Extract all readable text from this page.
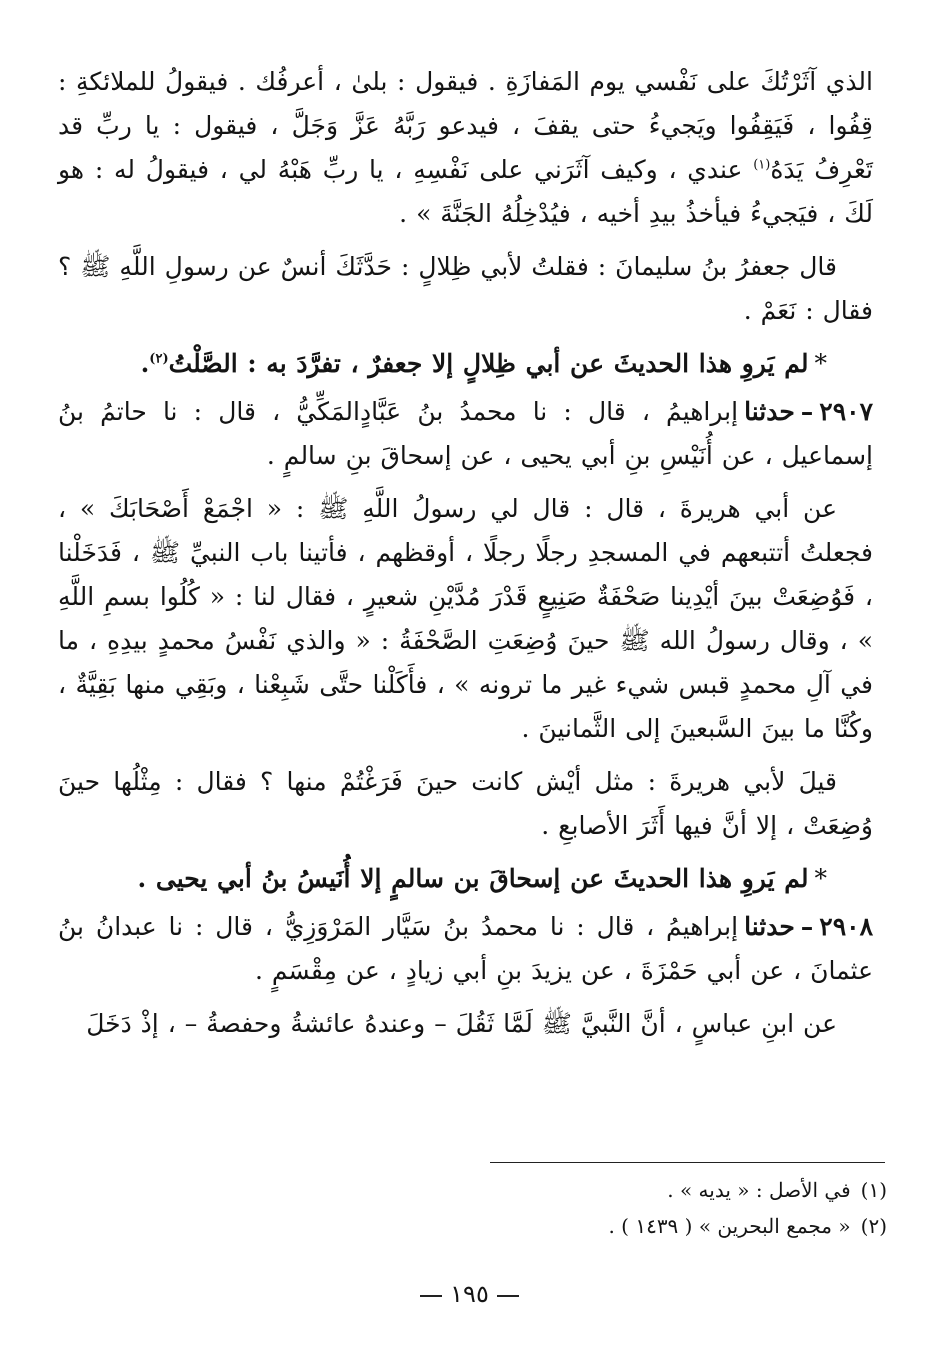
الذي آثَرْتُكَ على نَفْسي يوم المَفازَةِ . فيقول : بلىٰ ، أعرفُك . فيقولُ للملائكةِ : قِفُوا ، فَيَقِفُوا ويَجيءُ حتى يقفَ ، فيدعو رَبَّهُ عَزَّ وَجَلَّ ، فيقول : يا ربِّ قد تَعْرِفُ يَدَهُ$^{(١)}$ عندي ، وكيف آثَرَني على نَفْسِهِ ، يا ربِّ هَبْهُ لي ، فيقولُ له : هو لَكَ ، فيَجيءُ فيأخذُ بيدِ أخيه ، فيُدْخِلُهُ الجَنَّةَ » .

قال جعفرُ بنُ سليمانَ : فقلتُ لأبي ظِلالٍ : حَدَّثَكَ أنسٌ عن رسولِ اللَّهِ ﷺ ؟ فقال : نَعَمْ .

*لم يَروِ هذا الحديثَ عن أبي ظِلالٍ إلا جعفرٌ ، تفرَّدَ به : الصَّلْتُ$^{(٢)}$.

٢٩٠٧–حدثناإبراهيمُ ، قال : نا محمدُ بنُ عَبَّادٍالمَكِّيُّ ، قال : نا حاتمُ بنُ إسماعيل ، عن أُنَيْسِ بنِ أبي يحيى ، عن إسحاقَ بنِ سالمٍ .

عن أبي هريرةَ ، قال : قال لي رسولُ اللَّهِ ﷺ : « اجْمَعْ أَصْحَابَكَ » ، فجعلتُ أتتبعهم في المسجدِ رجلًا رجلًا ، أوقظهم ، فأتينا باب النبيِّ ﷺ ، فَدَخَلْنا ، فَوُضِعَتْ بينَ أيْدِينا صَحْفَةٌ صَنِيعٍ قَدْرَ مُدَّيْنِ شعيرٍ ، فقال لنا : « كُلُوا بسمِ اللَّهِ » ، وقال رسولُ الله ﷺ حينَ وُضِعَتِ الصَّحْفَةُ : « والذي نَفْسُ محمدٍ بيدِهِ ، ما في آلِ محمدٍ قبس شيء غير ما ترونه » ، فأَكَلْنا حتَّى شَبِعْنا ، وبَقِي منها بَقِيَّةٌ ، وكُنَّا ما بينَ السَّبعينَ إلى الثَّمانينَ .

قيلَ لأبي هريرةَ : مثل أيْش كانت حينَ فَرَغْتُمْ منها ؟ فقال : مِثْلُها حينَ وُضِعَتْ ، إلا أنَّ فيها أَثَرَ الأصابعِ .

*لم يَروِ هذا الحديثَ عن إسحاقَ بن سالمٍ إلا أُنَيسُ بنُ أبي يحيى .

٢٩٠٨–حدثناإبراهيمُ ، قال : نا محمدُ بنُ سَيَّار المَرْوَزِيُّ ، قال : نا عبدانُ بنُ عثمانَ ، عن أبي حَمْزَةَ ، عن يزيدَ بنِ أبي زيادٍ ، عن مِقْسَمٍ .

عن ابنِ عباسٍ ، أنَّ النَّبيَّ ﷺ لَمَّا ثَقُلَ – وعندهُ عائشةُ وحفصةُ – ، إذْ دَخَلَ

(١)في الأصل : « يديه » .

(٢)« مجمع البحرين » ( ١٤٣٩ ) .

١٩٥
